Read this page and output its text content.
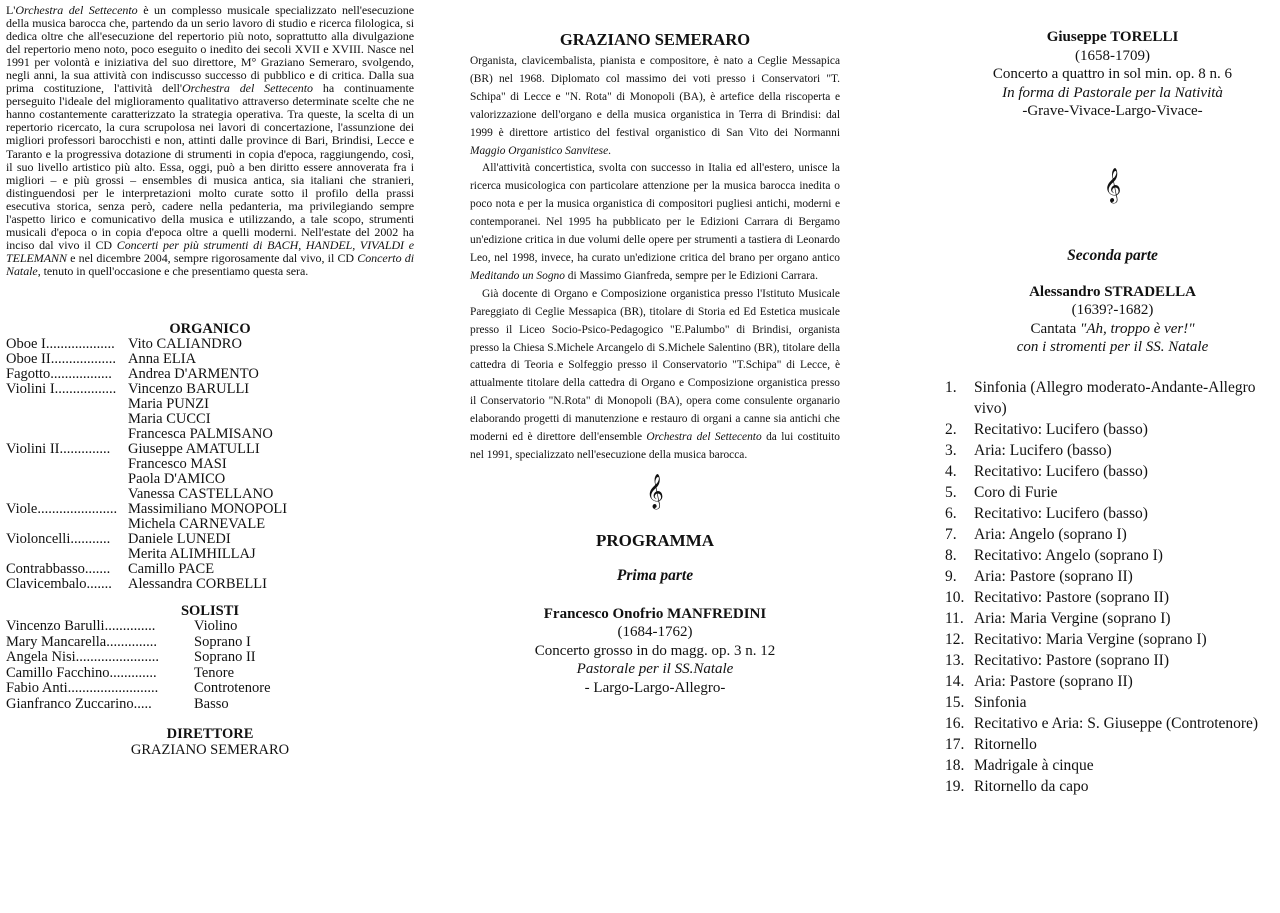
L'Orchestra del Settecento è un complesso musicale specializzato nell'esecuzione della musica barocca che, partendo da un serio lavoro di studio e ricerca filologica, si dedica oltre che all'esecuzione del repertorio più noto, soprattutto alla divulgazione del repertorio meno noto, poco eseguito o inedito dei secoli XVII e XVIII. Nasce nel 1991 per volontà e iniziativa del suo direttore, M° Graziano Semeraro, svolgendo, negli anni, la sua attività con indiscusso successo di pubblico e di critica. Dalla sua prima costituzione, l'attività dell'Orchestra del Settecento ha continuamente perseguito l'ideale del miglioramento qualitativo attraverso determinate scelte che ne hanno costantemente caratterizzato la strategia operativa. Tra queste, la scelta di un repertorio ricercato, la cura scrupolosa nei lavori di concertazione, l'assunzione dei migliori professori barocchisti e non, attinti dalle province di Bari, Brindisi, Lecce e Taranto e la progressiva dotazione di strumenti in copia d'epoca, raggiungendo, così, il suo livello artistico più alto. Essa, oggi, può a ben diritto essere annoverata fra i migliori – e più grossi – ensembles di musica antica, sia italiani che stranieri, distinguendosi per le interpretazioni molto curate sotto il profilo della prassi esecutiva storica, senza però, cadere nella pedanteria, ma privilegiando sempre l'aspetto lirico e comunicativo della musica e utilizzando, a tale scopo, strumenti musicali d'epoca o in copia d'epoca oltre a quelli moderni. Nell'estate del 2002 ha inciso dal vivo il CD Concerti per più strumenti di BACH, HANDEL, VIVALDI e TELEMANN e nel dicembre 2004, sempre rigorosamente dal vivo, il CD Concerto di Natale, tenuto in quell'occasione e che presentiamo questa sera.

ORGANICO
Oboe I................... Vito CALIANDRO
Oboe II.................. Anna ELIA
Fagotto.................	Andrea D'ARMENTO
Violini I................. Vincenzo BARULLI
Maria PUNZI
Maria CUCCI
Francesca PALMISANO
Violini II..............	Giuseppe AMATULLI
Francesco MASI
Paola D'AMICO
Vanessa CASTELLANO
Viole...................... Massimiliano MONOPOLI
Michela CARNEVALE
Violoncelli...........	Daniele LUNEDI
Merita ALIMHILLAJ
Contrabbasso.......	Camillo PACE
Clavicembalo.......	Alessandra CORBELLI
SOLISTI
Vincenzo Barulli..............	Violino
Mary Mancarella..............	Soprano I
Angela Nisi.......................	Soprano II
Camillo Facchino.............	Tenore
Fabio Anti.........................	Controtenore
Gianfranco Zuccarino.....	Basso
DIRETTORE
GRAZIANO SEMERARO
GRAZIANO SEMERARO

Organista, clavicembalista, pianista e compositore, è nato a Ceglie Messapica (BR) nel 1968. Diplomato col massimo dei voti presso i Conservatori "T. Schipa" di Lecce e "N. Rota" di Monopoli (BA), è artefice della riscoperta e valorizzazione dell'organo e della musica organistica in Terra di Brindisi: dal 1999 è direttore artistico del festival organistico di San Vito dei Normanni Maggio Organistico Sanvitese.

All'attività concertistica, svolta con successo in Italia ed all'estero, unisce la ricerca musicologica con particolare attenzione per la musica barocca inedita o poco nota e per la musica organistica di compositori pugliesi antichi, moderni e contemporanei. Nel 1995 ha pubblicato per le Edizioni Carrara di Bergamo un'edizione critica in due volumi delle opere per strumenti a tastiera di Leonardo Leo, nel 1998, invece, ha curato un'edizione critica del brano per organo antico Meditando un Sogno di Massimo Gianfreda, sempre per le Edizioni Carrara.

Già docente di Organo e Composizione organistica presso l'Istituto Musicale Pareggiato di Ceglie Messapica (BR), titolare di Storia ed Ed Estetica musicale presso il Liceo Socio-Psico-Pedagogico "E.Palumbo" di Brindisi, organista presso la Chiesa S.Michele Arcangelo di S.Michele Salentino (BR), titolare della cattedra di Teoria e Solfeggio presso il Conservatorio "T.Schipa" di Lecce, è attualmente titolare della cattedra di Organo e Composizione organistica presso il Conservatorio "N.Rota" di Monopoli (BA), opera come consulente organario elaborando progetti di manutenzione e restauro di organi a canne sia antichi che moderni ed è direttore dell'ensemble Orchestra del Settecento da lui costituito nel 1991, specializzato nell'esecuzione della musica barocca.

𝄞
PROGRAMMA
Prima parte
Francesco Onofrio MANFREDINI
(1684-1762)
Concerto grosso in do magg. op. 3 n. 12
Pastorale per il SS.Natale
- Largo-Largo-Allegro-
Giuseppe TORELLI
(1658-1709)
Concerto a quattro in sol min. op. 8 n. 6
In forma di Pastorale per la Natività
-Grave-Vivace-Largo-Vivace-
𝄞
Seconda parte
Alessandro STRADELLA
(1639?-1682)
Cantata "Ah, troppo è ver!"
con i stromenti per il SS. Natale
1.	Sinfonia (Allegro moderato-Andante-Allegro vivo)
2.	Recitativo: Lucifero (basso)
3.	Aria: Lucifero (basso)
4.	Recitativo: Lucifero (basso)
5.	Coro di Furie
6.	Recitativo: Lucifero (basso)
7.	Aria: Angelo (soprano I)
8.	Recitativo: Angelo (soprano I)
9.	Aria: Pastore (soprano II)
10. Recitativo: Pastore (soprano II)
11. Aria: Maria Vergine (soprano I)
12. Recitativo: Maria Vergine (soprano I)
13. Recitativo: Pastore (soprano II)
14. Aria: Pastore (soprano II)
15. Sinfonia
16. Recitativo e Aria: S. Giuseppe (Controtenore)
17. Ritornello
18. Madrigale à cinque
19. Ritornello da capo
